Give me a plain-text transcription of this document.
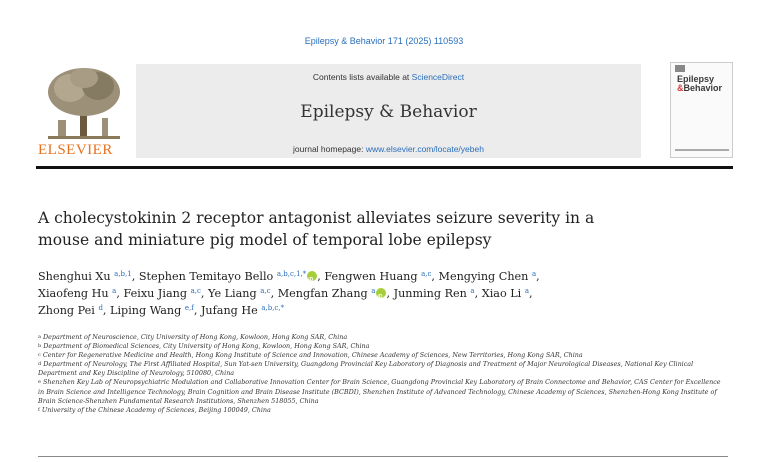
Epilepsy & Behavior 171 (2025) 110593
ELSEVIER
Contents lists available at ScienceDirect
Epilepsy & Behavior
journal homepage: www.elsevier.com/locate/yebeh
Epilepsy
&Behavior
A cholecystokinin 2 receptor antagonist alleviates seizure severity in a
mouse and miniature pig model of temporal lobe epilepsy
Shenghui Xu $^{a,b,1}$, Stephen Temitayo Bello $^{a,b,c,1,*}$ iD , Fengwen Huang $^{a,c}$, Mengying Chen $^a$,
Xiaofeng Hu $^a$, Feixu Jiang $^{a,c}$, Ye Liang $^{a,c}$, Mengfan Zhang $^a$ iD , Junming Ren $^a$, Xiao Li $^a$,
Zhong Pei $^d$, Liping Wang $^{e,f}$, Jufang He $^{a,b,c,*}$
$^a$ Department of Neuroscience, City University of Hong Kong, Kowloon, Hong Kong SAR, China
$^b$ Department of Biomedical Sciences, City University of Hong Kong, Kowloon, Hong Kong SAR, China
$^c$ Center for Regenerative Medicine and Health, Hong Kong Institute of Science and Innovation, Chinese Academy of Sciences, New Territories, Hong Kong SAR, China
$^d$ Department of Neurology, The First Affiliated Hospital, Sun Yat-sen University, Guangdong Provincial Key Laboratory of Diagnosis and Treatment of Major Neurological Diseases, National Key Clinical Department and Key Discipline of Neurology, 510080, China
$^e$ Shenzhen Key Lab of Neuropsychiatric Modulation and Collaborative Innovation Center for Brain Science, Guangdong Provincial Key Laboratory of Brain Connectome and Behavior, CAS Center for Excellence in Brain Science and Intelligence Technology, Brain Cognition and Brain Disease Institute (BCBDI), Shenzhen Institute of Advanced Technology, Chinese Academy of Sciences, Shenzhen-Hong Kong Institute of Brain Science-Shenzhen Fundamental Research Institutions, Shenzhen 518055, China
$^f$ University of the Chinese Academy of Sciences, Beijing 100049, China
